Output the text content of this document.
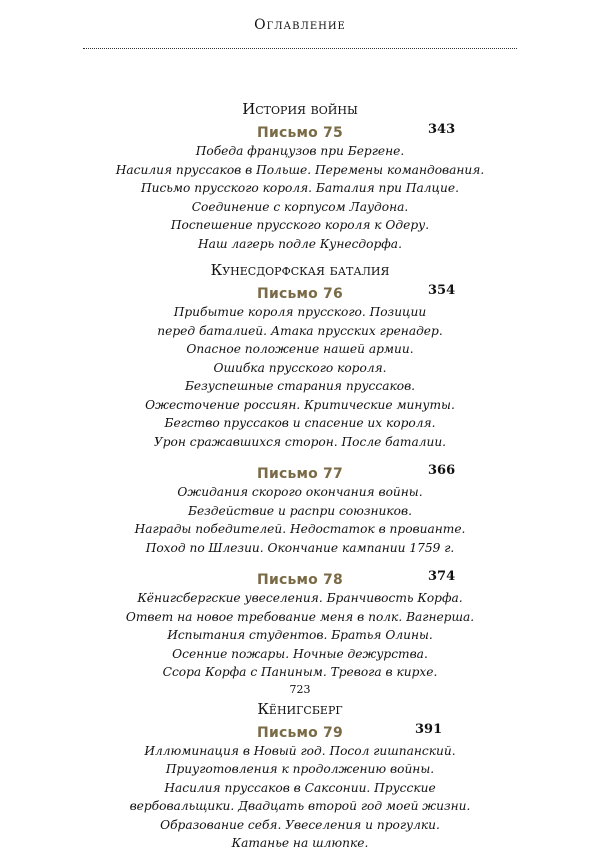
Оглавление
История войны
Письмо 75	343
Победа французов при Бергене.
Насилия пруссаков в Польше. Перемены командования.
Письмо прусского короля. Баталия при Палцие.
Соединение с корпусом Лаудона.
Поспешение прусского короля к Одеру.
Наш лагерь подле Кунесдорфа.
Кунесдорфская баталия
Письмо 76	354
Прибытие короля прусского. Позиции
перед баталией. Атака прусских гренадер.
Опасное положение нашей армии.
Ошибка прусского короля.
Безуспешные старания пруссаков.
Ожесточение россиян. Критические минуты.
Бегство пруссаков и спасение их короля.
Урон сражавшихся сторон. После баталии.
Письмо 77	366
Ожидания скорого окончания войны.
Бездействие и распри союзников.
Награды победителей. Недостаток в провианте.
Поход по Шлезии. Окончание кампании 1759 г.
Письмо 78	374
Кёнигсбергские увеселения. Бранчивость Корфа.
Ответ на новое требование меня в полк. Вагнерша.
Испытания студентов. Братья Олины.
Осенние пожары. Ночные дежурства.
Ссора Корфа с Паниным. Тревога в кирхе.
Кёнигсберг
Письмо 79	391
Иллюминация в Новый год. Посол гишпанский.
Приуготовления к продолжению войны.
Насилия пруссаков в Саксонии. Прусские
вербовальщики. Двадцать второй год моей жизни.
Образование себя. Увеселения и прогулки.
Катанье на шлюпке.
723
